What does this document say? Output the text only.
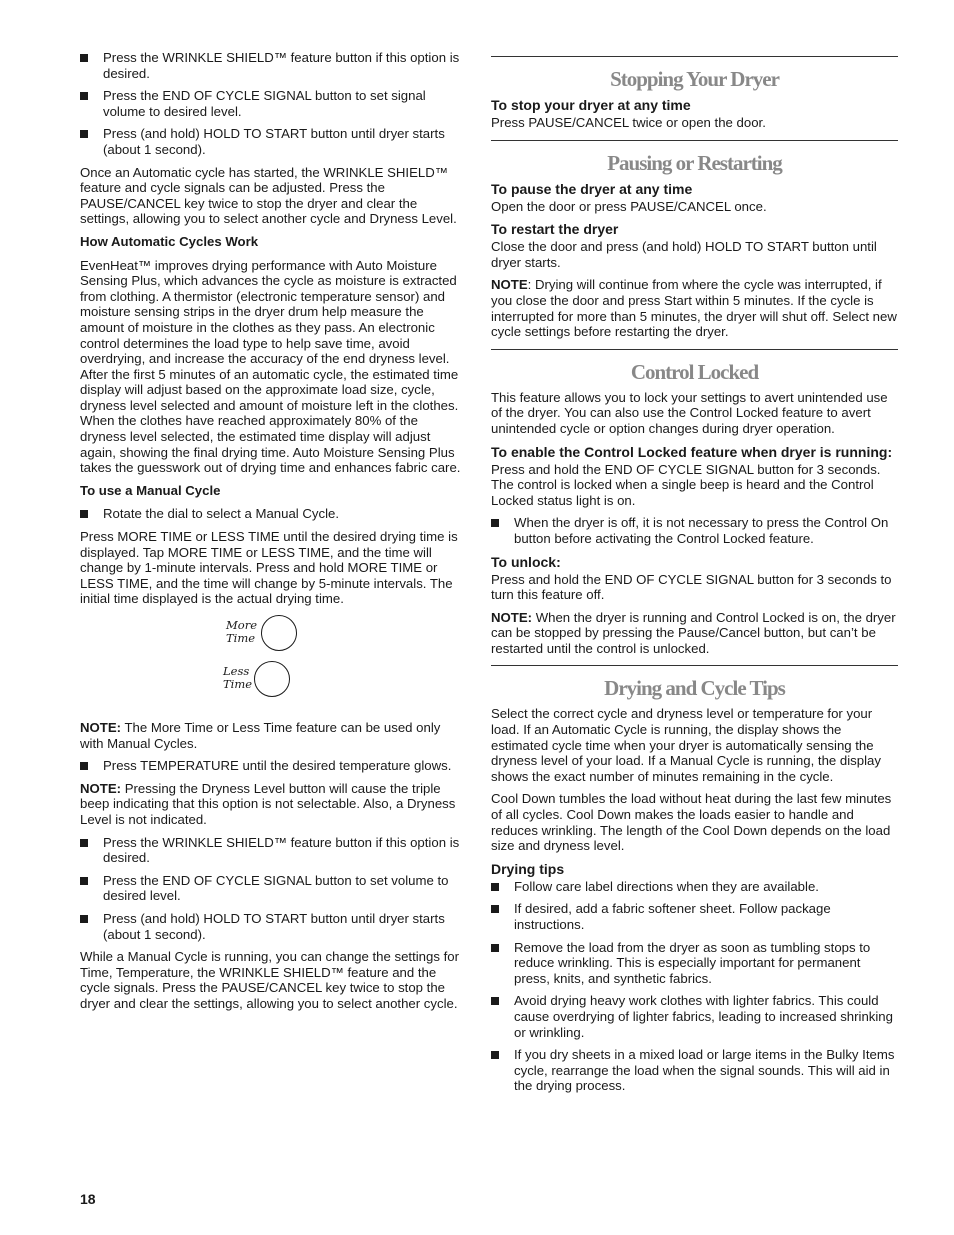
Press the WRINKLE SHIELD™ feature button if this option is desired.
Press the END OF CYCLE SIGNAL button to set signal volume to desired level.
Press (and hold) HOLD TO START button until dryer starts (about 1 second).

Once an Automatic cycle has started, the WRINKLE SHIELD™ feature and cycle signals can be adjusted. Press the PAUSE/CANCEL key twice to stop the dryer and clear the settings, allowing you to select another cycle and Dryness Level.

How Automatic Cycles Work

EvenHeat™ improves drying performance with Auto Moisture Sensing Plus, which advances the cycle as moisture is extracted from clothing. A thermistor (electronic temperature sensor) and moisture sensing strips in the dryer drum help measure the amount of moisture in the clothes as they pass. An electronic control determines the load type to help save time, avoid overdrying, and increase the accuracy of the end dryness level. After the first 5 minutes of an automatic cycle, the estimated time display will adjust based on the approximate load size, cycle, dryness level selected and amount of moisture left in the clothes. When the clothes have reached approximately 80% of the dryness level selected, the estimated time display will adjust again, showing the final drying time. Auto Moisture Sensing Plus takes the guesswork out of drying time and enhances fabric care.

To use a Manual Cycle

Rotate the dial to select a Manual Cycle.

Press MORE TIME or LESS TIME until the desired drying time is displayed. Tap MORE TIME or LESS TIME, and the time will change by 1-minute intervals. Press and hold MORE TIME or LESS TIME, and the time will change by 5-minute intervals. The initial time displayed is the actual drying time.

More
Time
Less
Time

NOTE: The More Time or Less Time feature can be used only with Manual Cycles.

Press TEMPERATURE until the desired temperature glows.

NOTE: Pressing the Dryness Level button will cause the triple beep indicating that this option is not selectable. Also, a Dryness Level is not indicated.

Press the WRINKLE SHIELD™ feature button if this option is desired.
Press the END OF CYCLE SIGNAL button to set volume to desired level.
Press (and hold) HOLD TO START button until dryer starts (about 1 second).

While a Manual Cycle is running, you can change the settings for Time, Temperature, the WRINKLE SHIELD™ feature and the cycle signals. Press the PAUSE/CANCEL key twice to stop the dryer and clear the settings, allowing you to select another cycle.

Stopping Your Dryer

To stop your dryer at any time

Press PAUSE/CANCEL twice or open the door.

Pausing or Restarting

To pause the dryer at any time

Open the door or press PAUSE/CANCEL once.

To restart the dryer

Close the door and press (and hold) HOLD TO START button until dryer starts.

NOTE: Drying will continue from where the cycle was interrupted, if you close the door and press Start within 5 minutes. If the cycle is interrupted for more than 5 minutes, the dryer will shut off. Select new cycle settings before restarting the dryer.

Control Locked

This feature allows you to lock your settings to avert unintended use of the dryer. You can also use the Control Locked feature to avert unintended cycle or option changes during dryer operation.

To enable the Control Locked feature when dryer is running:

Press and hold the END OF CYCLE SIGNAL button for 3 seconds. The control is locked when a single beep is heard and the Control Locked status light is on.

When the dryer is off, it is not necessary to press the Control On button before activating the Control Locked feature.

To unlock:

Press and hold the END OF CYCLE SIGNAL button for 3 seconds to turn this feature off.

NOTE: When the dryer is running and Control Locked is on, the dryer can be stopped by pressing the Pause/Cancel button, but can’t be restarted until the control is unlocked.

Drying and Cycle Tips

Select the correct cycle and dryness level or temperature for your load. If an Automatic Cycle is running, the display shows the estimated cycle time when your dryer is automatically sensing the dryness level of your load. If a Manual Cycle is running, the display shows the exact number of minutes remaining in the cycle.

Cool Down tumbles the load without heat during the last few minutes of all cycles. Cool Down makes the loads easier to handle and reduces wrinkling. The length of the Cool Down depends on the load size and dryness level.

Drying tips

Follow care label directions when they are available.
If desired, add a fabric softener sheet. Follow package instructions.
Remove the load from the dryer as soon as tumbling stops to reduce wrinkling. This is especially important for permanent press, knits, and synthetic fabrics.
Avoid drying heavy work clothes with lighter fabrics. This could cause overdrying of lighter fabrics, leading to increased shrinking or wrinkling.
If you dry sheets in a mixed load or large items in the Bulky Items cycle, rearrange the load when the signal sounds. This will aid in the drying process.
18
